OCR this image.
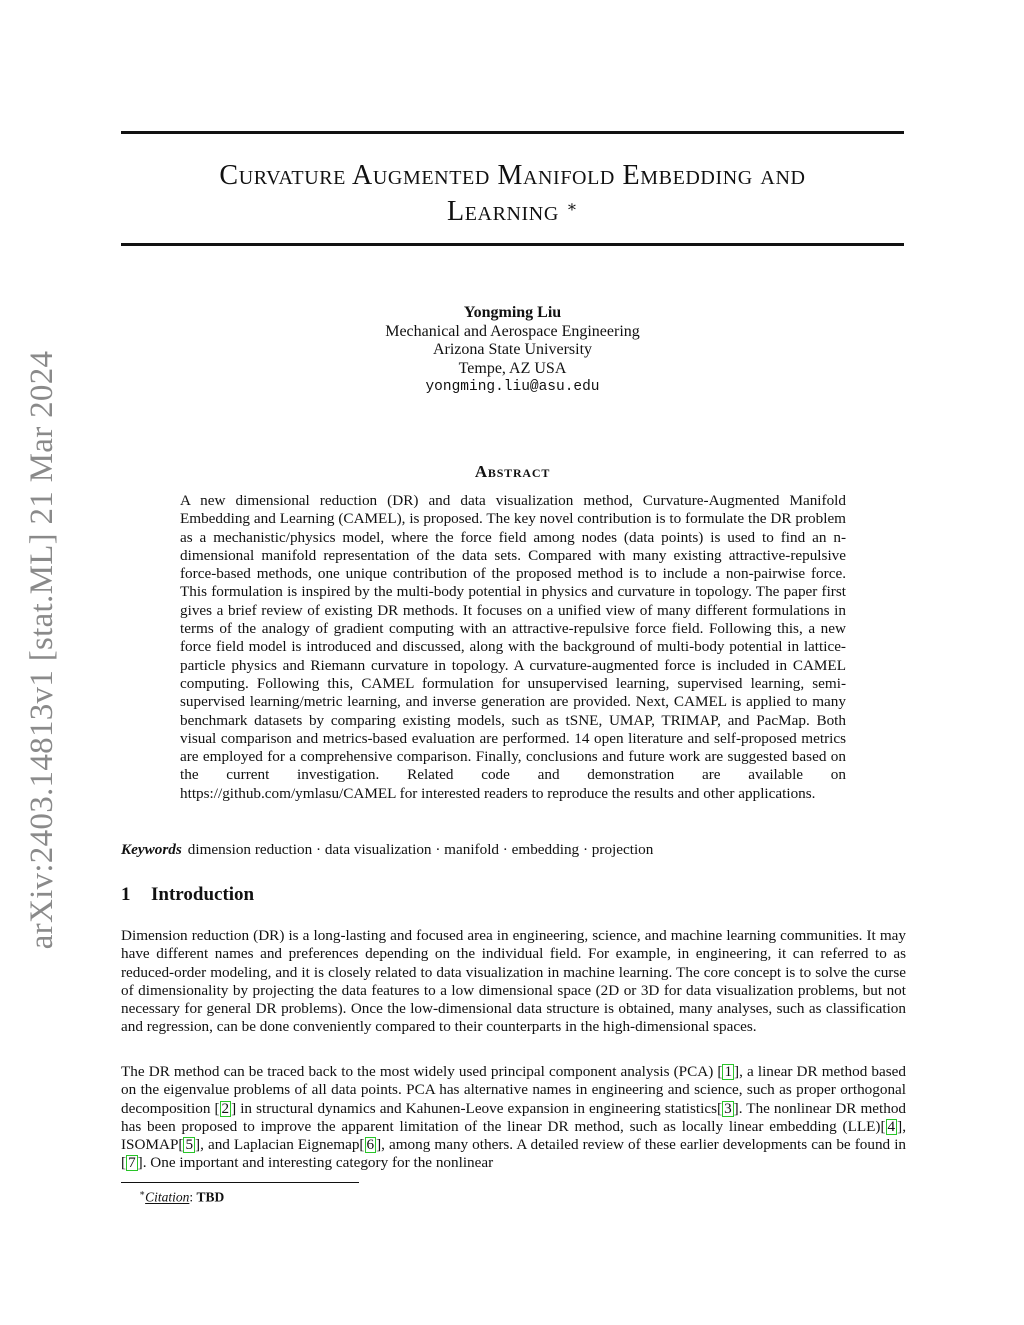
arXiv:2403.14813v1 [stat.ML] 21 Mar 2024
Curvature Augmented Manifold Embedding and
Learning ∗
Yongming Liu
Mechanical and Aerospace Engineering
Arizona State University
Tempe, AZ USA
yongming.liu@asu.edu
Abstract
A new dimensional reduction (DR) and data visualization method, Curvature-Augmented Manifold Embedding and Learning (CAMEL), is proposed. The key novel contribution is to formulate the DR problem as a mechanistic/physics model, where the force field among nodes (data points) is used to find an n-dimensional manifold representation of the data sets. Compared with many existing attractive-repulsive force-based methods, one unique contribution of the proposed method is to include a non-pairwise force. This formulation is inspired by the multi-body potential in physics and curvature in topology. The paper first gives a brief review of existing DR methods. It focuses on a unified view of many different formulations in terms of the analogy of gradient computing with an attractive-repulsive force field. Following this, a new force field model is introduced and discussed, along with the background of multi-body potential in lattice-particle physics and Riemann curvature in topology. A curvature-augmented force is included in CAMEL computing. Following this, CAMEL formulation for unsupervised learning, supervised learning, semi-supervised learning/metric learning, and inverse generation are provided. Next, CAMEL is applied to many benchmark datasets by comparing existing models, such as tSNE, UMAP, TRIMAP, and PacMap. Both visual comparison and metrics-based evaluation are performed. 14 open literature and self-proposed metrics are employed for a comprehensive comparison. Finally, conclusions and future work are suggested based on the current investigation. Related code and demonstration are available on https://github.com/ymlasu/CAMEL for interested readers to reproduce the results and other applications.
Keywords dimension reduction · data visualization · manifold · embedding · projection
1 Introduction
Dimension reduction (DR) is a long-lasting and focused area in engineering, science, and machine learning communities. It may have different names and preferences depending on the individual field. For example, in engineering, it can referred to as reduced-order modeling, and it is closely related to data visualization in machine learning. The core concept is to solve the curse of dimensionality by projecting the data features to a low dimensional space (2D or 3D for data visualization problems, but not necessary for general DR problems). Once the low-dimensional data structure is obtained, many analyses, such as classification and regression, can be done conveniently compared to their counterparts in the high-dimensional spaces.
The DR method can be traced back to the most widely used principal component analysis (PCA) [ 1 ], a linear DR method based on the eigenvalue problems of all data points. PCA has alternative names in engineering and science, such as proper orthogonal decomposition [ 2 ] in structural dynamics and Kahunen-Leove expansion in engineering statistics[ 3 ]. The nonlinear DR method has been proposed to improve the apparent limitation of the linear DR method, such as locally linear embedding (LLE)[ 4 ], ISOMAP[ 5 ], and Laplacian Eignemap[ 6 ], among many others. A detailed review of these earlier developments can be found in [ 7 ]. One important and interesting category for the nonlinear
∗Citation: TBD
